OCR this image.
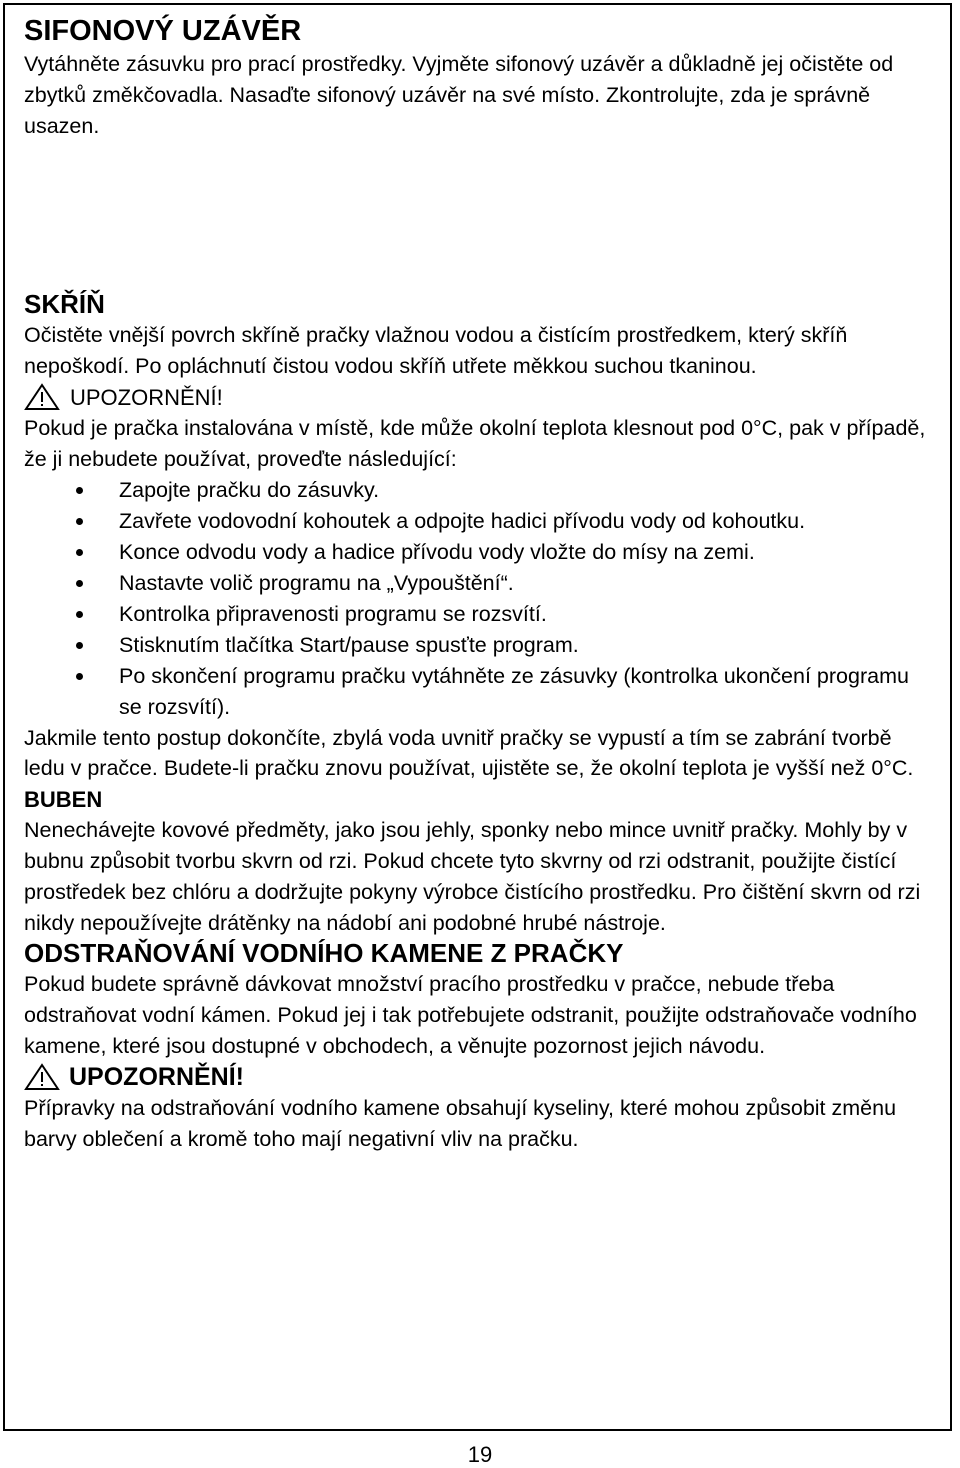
SIFONOVÝ UZÁVĚR

Vytáhněte zásuvku pro prací prostředky. Vyjměte sifonový uzávěr a důkladně jej očistěte od zbytků změkčovadla. Nasaďte sifonový uzávěr na své místo. Zkontrolujte, zda je správně usazen.

SKŘÍŇ

Očistěte vnější povrch skříně pračky vlažnou vodou a čistícím prostředkem, který skříň nepoškodí. Po opláchnutí čistou vodou skříň utřete měkkou suchou tkaninou.

UPOZORNĚNÍ!

Pokud je pračka instalována v místě, kde může okolní teplota klesnout pod 0°C, pak v případě, že ji nebudete používat, proveďte následující:

Zapojte pračku do zásuvky.
Zavřete vodovodní kohoutek a odpojte hadici přívodu vody od kohoutku.
Konce odvodu vody a hadice přívodu vody vložte do mísy na zemi.
Nastavte volič programu na „Vypouštění“.
Kontrolka připravenosti programu se rozsvítí.
Stisknutím tlačítka Start/pause spusťte program.
Po skončení programu pračku vytáhněte ze zásuvky (kontrolka ukončení programu se rozsvítí).

Jakmile tento postup dokončíte, zbylá voda uvnitř pračky se vypustí a tím se zabrání tvorbě ledu v pračce. Budete-li pračku znovu používat, ujistěte se, že okolní teplota je vyšší než 0°C.

BUBEN

Nenechávejte kovové předměty, jako jsou jehly, sponky nebo mince uvnitř pračky. Mohly by v bubnu způsobit tvorbu skvrn od rzi. Pokud chcete tyto skvrny od rzi odstranit, použijte čistící prostředek bez chlóru a dodržujte pokyny výrobce čistícího prostředku. Pro čištění skvrn od rzi nikdy nepoužívejte drátěnky na nádobí ani podobné hrubé nástroje.

ODSTRAŇOVÁNÍ VODNÍHO KAMENE Z PRAČKY

Pokud budete správně dávkovat množství pracího prostředku v pračce, nebude třeba odstraňovat vodní kámen. Pokud jej i tak potřebujete odstranit, použijte odstraňovače vodního kamene, které jsou dostupné v obchodech, a věnujte pozornost jejich návodu.

UPOZORNĚNÍ!

Přípravky na odstraňování vodního kamene obsahují kyseliny, které mohou způsobit změnu barvy oblečení a kromě toho mají negativní vliv na pračku.

19
